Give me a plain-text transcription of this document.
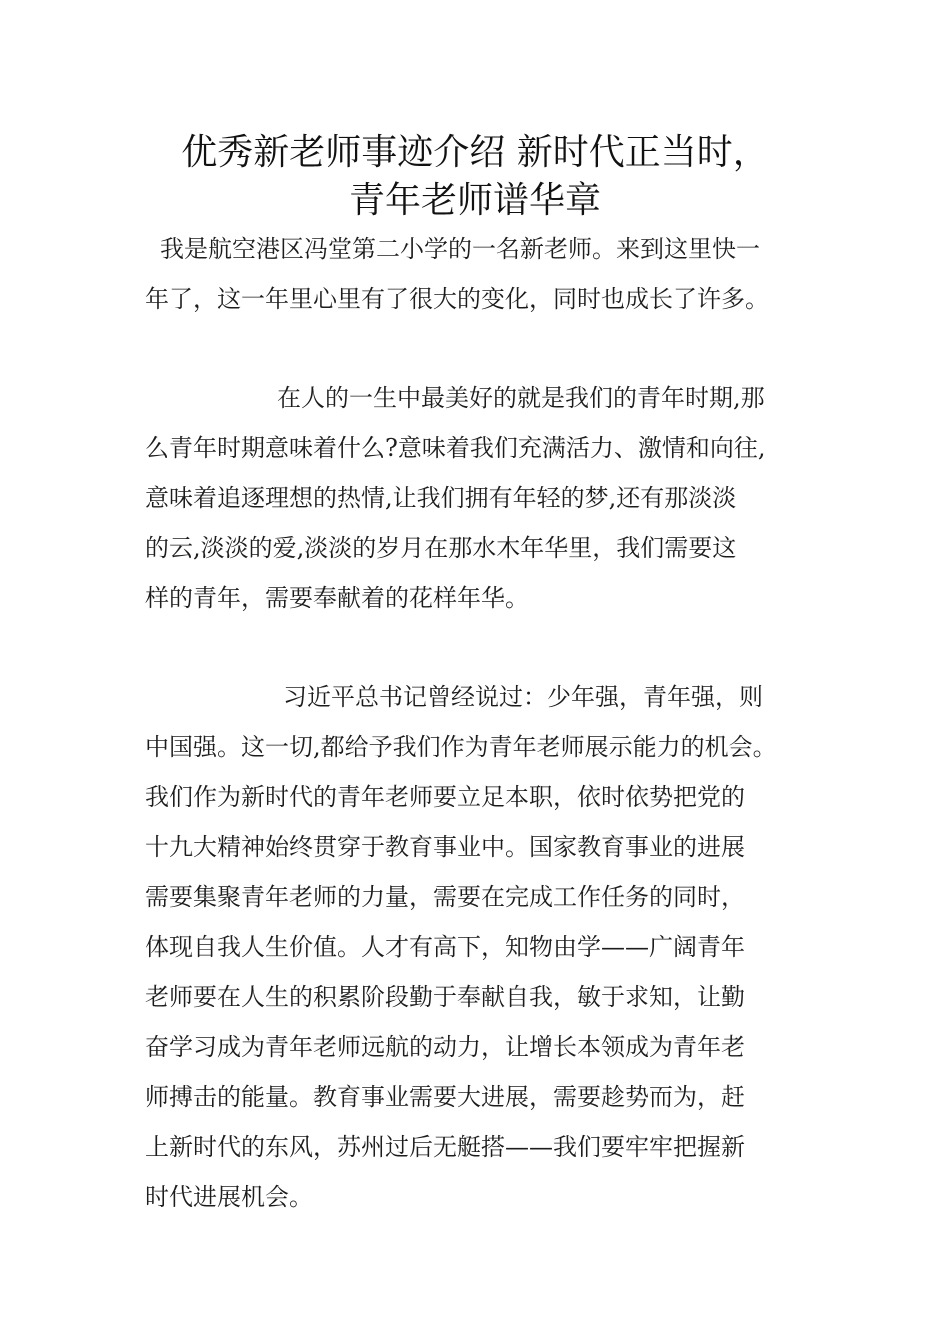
优秀新老师事迹介绍 新时代正当时，
青年老师谱华章
我是航空港区冯堂第二小学的一名新老师。来到这里快一
年了，这一年里心里有了很大的变化，同时也成长了许多。
在人的一生中最美好的就是我们的青年时期,那
么青年时期意味着什么?意味着我们充满活力、激情和向往,
意味着追逐理想的热情,让我们拥有年轻的梦,还有那淡淡
的云,淡淡的爱,淡淡的岁月在那水木年华里，我们需要这
样的青年，需要奉献着的花样年华。
习近平总书记曾经说过：少年强，青年强，则
中国强。这一切,都给予我们作为青年老师展示能力的机会。
我们作为新时代的青年老师要立足本职，依时依势把党的
十九大精神始终贯穿于教育事业中。国家教育事业的进展
需要集聚青年老师的力量，需要在完成工作任务的同时，
体现自我人生价值。人才有高下，知物由学——广阔青年
老师要在人生的积累阶段勤于奉献自我，敏于求知，让勤
奋学习成为青年老师远航的动力，让增长本领成为青年老
师搏击的能量。教育事业需要大进展，需要趁势而为，赶
上新时代的东风，苏州过后无艇搭——我们要牢牢把握新
时代进展机会。
